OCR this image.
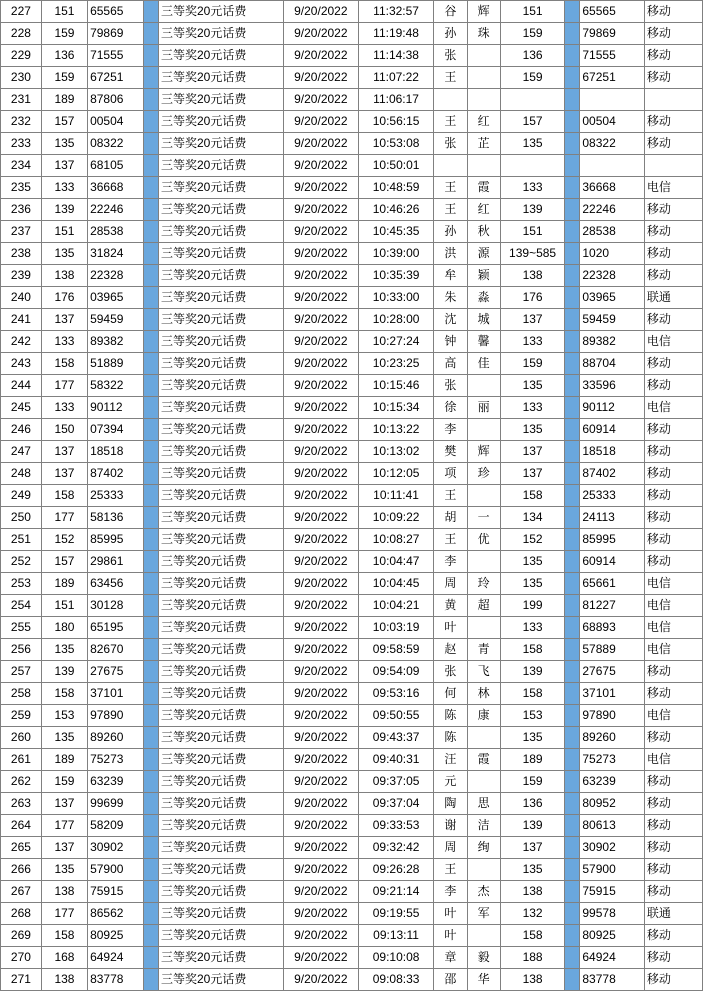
227	151	65565		三等奖20元话费	9/20/2022	11:32:57	谷	辉	151		65565	移动
228	159	79869		三等奖20元话费	9/20/2022	11:19:48	孙	珠	159		79869	移动
229	136	71555		三等奖20元话费	9/20/2022	11:14:38	张		136		71555	移动
230	159	67251		三等奖20元话费	9/20/2022	11:07:22	王		159		67251	移动
231	189	87806		三等奖20元话费	9/20/2022	11:06:17						
232	157	00504		三等奖20元话费	9/20/2022	10:56:15	王	红	157		00504	移动
233	135	08322		三等奖20元话费	9/20/2022	10:53:08	张	芷	135		08322	移动
234	137	68105		三等奖20元话费	9/20/2022	10:50:01						
235	133	36668		三等奖20元话费	9/20/2022	10:48:59	王	霞	133		36668	电信
236	139	22246		三等奖20元话费	9/20/2022	10:46:26	王	红	139		22246	移动
237	151	28538		三等奖20元话费	9/20/2022	10:45:35	孙	秋	151		28538	移动
238	135	31824		三等奖20元话费	9/20/2022	10:39:00	洪	源	139~585		1020	移动
239	138	22328		三等奖20元话费	9/20/2022	10:35:39	牟	颖	138		22328	移动
240	176	03965		三等奖20元话费	9/20/2022	10:33:00	朱	淼	176		03965	联通
241	137	59459		三等奖20元话费	9/20/2022	10:28:00	沈	城	137		59459	移动
242	133	89382		三等奖20元话费	9/20/2022	10:27:24	钟	馨	133		89382	电信
243	158	51889		三等奖20元话费	9/20/2022	10:23:25	高	佳	159		88704	移动
244	177	58322		三等奖20元话费	9/20/2022	10:15:46	张		135		33596	移动
245	133	90112		三等奖20元话费	9/20/2022	10:15:34	徐	丽	133		90112	电信
246	150	07394		三等奖20元话费	9/20/2022	10:13:22	李		135		60914	移动
247	137	18518		三等奖20元话费	9/20/2022	10:13:02	樊	辉	137		18518	移动
248	137	87402		三等奖20元话费	9/20/2022	10:12:05	项	珍	137		87402	移动
249	158	25333		三等奖20元话费	9/20/2022	10:11:41	王		158		25333	移动
250	177	58136		三等奖20元话费	9/20/2022	10:09:22	胡	一	134		24113	移动
251	152	85995		三等奖20元话费	9/20/2022	10:08:27	王	优	152		85995	移动
252	157	29861		三等奖20元话费	9/20/2022	10:04:47	李		135		60914	移动
253	189	63456		三等奖20元话费	9/20/2022	10:04:45	周	玲	135		65661	电信
254	151	30128		三等奖20元话费	9/20/2022	10:04:21	黄	超	199		81227	电信
255	180	65195		三等奖20元话费	9/20/2022	10:03:19	叶		133		68893	电信
256	135	82670		三等奖20元话费	9/20/2022	09:58:59	赵	青	158		57889	电信
257	139	27675		三等奖20元话费	9/20/2022	09:54:09	张	飞	139		27675	移动
258	158	37101		三等奖20元话费	9/20/2022	09:53:16	何	林	158		37101	移动
259	153	97890		三等奖20元话费	9/20/2022	09:50:55	陈	康	153		97890	电信
260	135	89260		三等奖20元话费	9/20/2022	09:43:37	陈		135		89260	移动
261	189	75273		三等奖20元话费	9/20/2022	09:40:31	汪	霞	189		75273	电信
262	159	63239		三等奖20元话费	9/20/2022	09:37:05	元		159		63239	移动
263	137	99699		三等奖20元话费	9/20/2022	09:37:04	陶	思	136		80952	移动
264	177	58209		三等奖20元话费	9/20/2022	09:33:53	谢	洁	139		80613	移动
265	137	30902		三等奖20元话费	9/20/2022	09:32:42	周	绚	137		30902	移动
266	135	57900		三等奖20元话费	9/20/2022	09:26:28	王		135		57900	移动
267	138	75915		三等奖20元话费	9/20/2022	09:21:14	李	杰	138		75915	移动
268	177	86562		三等奖20元话费	9/20/2022	09:19:55	叶	军	132		99578	联通
269	158	80925		三等奖20元话费	9/20/2022	09:13:11	叶		158		80925	移动
270	168	64924		三等奖20元话费	9/20/2022	09:10:08	章	毅	188		64924	移动
271	138	83778		三等奖20元话费	9/20/2022	09:08:33	邵	华	138		83778	移动
